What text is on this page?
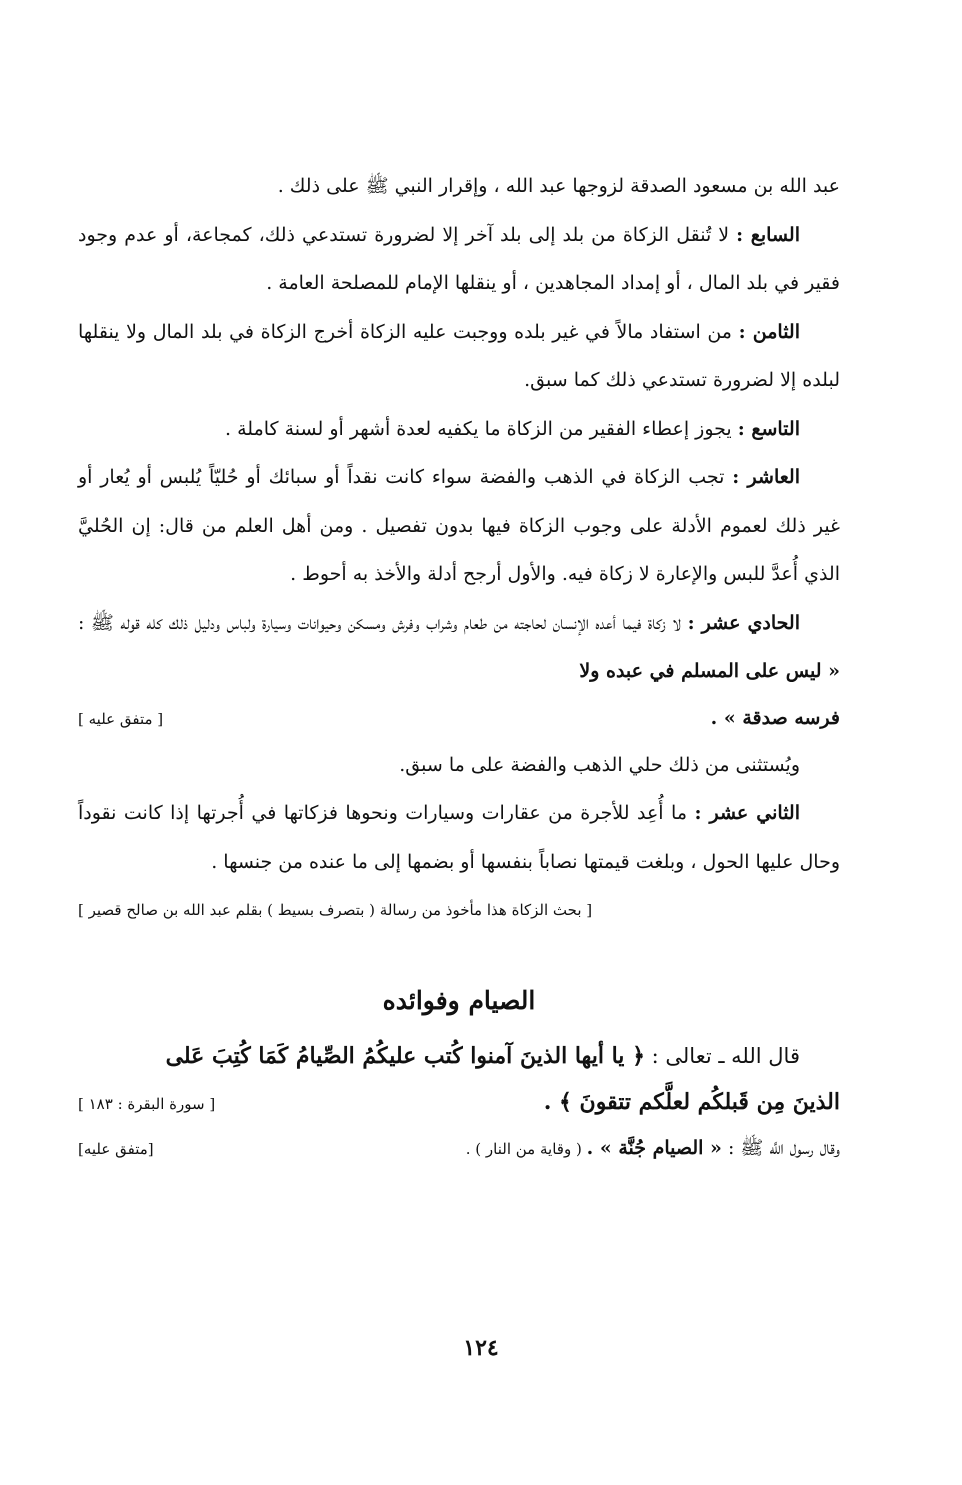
عبد الله بن مسعود الصدقة لزوجها عبد الله ، وإقرار النبي ﷺ على ذلك .

السابع : لا تُنقل الزكاة من بلد إلى بلد آخر إلا لضرورة تستدعي ذلك، كمجاعة، أو عدم وجود فقير في بلد المال ، أو إمداد المجاهدين ، أو ينقلها الإمام للمصلحة العامة .

الثامن : من استفاد مالاً في غير بلده ووجبت عليه الزكاة أخرج الزكاة في بلد المال ولا ينقلها لبلده إلا لضرورة تستدعي ذلك كما سبق.

التاسع : يجوز إعطاء الفقير من الزكاة ما يكفيه لعدة أشهر أو لسنة كاملة .

العاشر : تجب الزكاة في الذهب والفضة سواء كانت نقداً أو سبائك أو حُليّاً يُلبس أو يُعار أو غير ذلك لعموم الأدلة على وجوب الزكاة فيها بدون تفصيل . ومن أهل العلم من قال: إن الحُليَّ الذي أُعدَّ للبس والإعارة لا زكاة فيه. والأول أرجح أدلة والأخذ به أحوط .

الحادي عشر : لا زكاة فيما أعده الإنسان لحاجته من طعام وشراب وفرش ومسكن وحيوانات وسيارة ولباس ودليل ذلك كله قوله ﷺ : « ليس على المسلم في عبده ولا

فرسه صدقة » .
[ متفق عليه ]

ويُستثنى من ذلك حلي الذهب والفضة على ما سبق.

الثاني عشر : ما أُعِد للأجرة من عقارات وسيارات ونحوها فزكاتها في أُجرتها إذا كانت نقوداً وحال عليها الحول ، وبلغت قيمتها نصاباً بنفسها أو بضمها إلى ما عنده من جنسها .

[ بحث الزكاة هذا مأخوذ من رسالة ( بتصرف بسيط ) بقلم عبد الله بن صالح قصير ]
الصيام وفوائده

قال الله ـ تعالى : ﴿ يا أيها الذينَ آمنوا كُتب عليكُمُ الصِّيامُ كَمَا كُتِبَ عَلى

الذينَ مِن قَبلكُم لعلَّكم تتقونَ ﴾ .
[ سورة البقرة : ١٨٣ ]
وقال رسول اللَّه ﷺ : « الصيام جُنَّة » . ( وقاية من النار ) .
[متفق عليه]
١٢٤
